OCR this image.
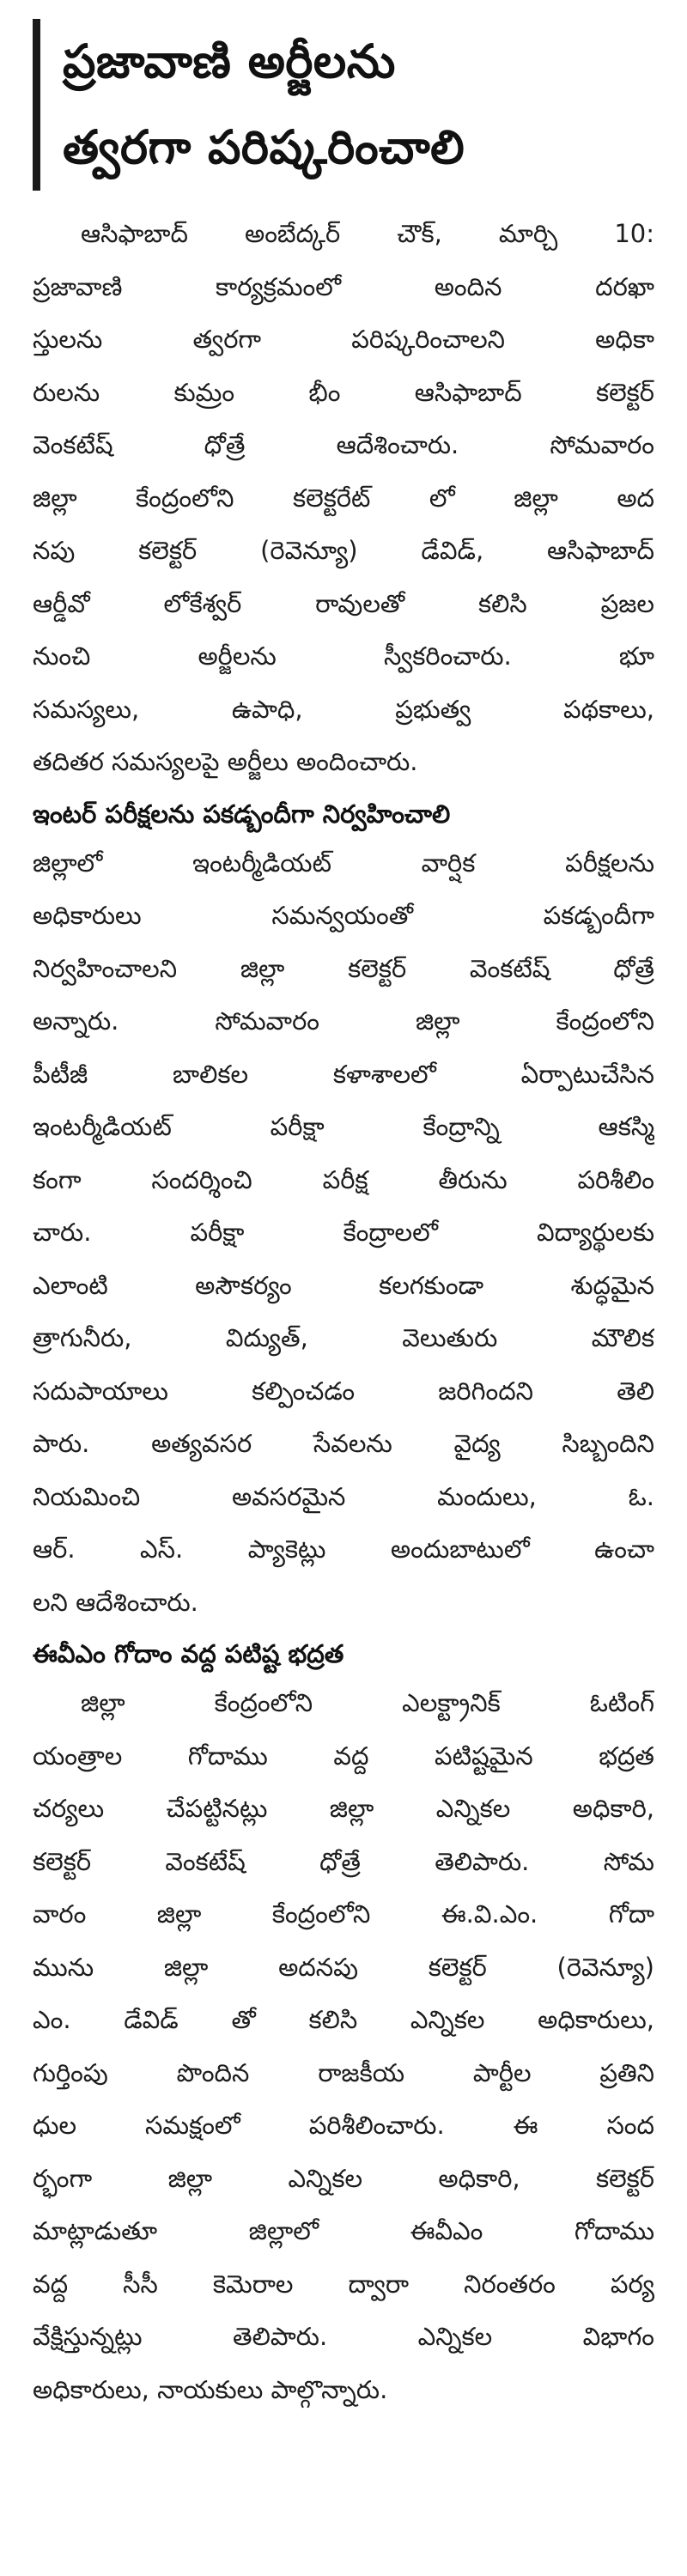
ప్రజావాణి అర్జీలను
త్వరగా పరిష్కరించాలి
ఆసిఫాబాద్ అంబేద్కర్ చౌక్, మార్చి 10:
ప్రజావాణి కార్యక్రమంలో అందిన దరఖా
స్తులను త్వరగా పరిష్కరించాలని అధికా
రులను కుమ్రం భీం ఆసిఫాబాద్ కలెక్టర్
వెంకటేష్ ధోత్రే ఆదేశించారు. సోమవారం
జిల్లా కేంద్రంలోని కలెక్టరేట్ లో జిల్లా అద
నపు కలెక్టర్ (రెవెన్యూ) డేవిడ్, ఆసిఫాబాద్
ఆర్డీవో లోకేశ్వర్ రావులతో కలిసి ప్రజల
నుంచి అర్జీలను స్వీకరించారు. భూ
సమస్యలు, ఉపాధి, ప్రభుత్వ పథకాలు,
తదితర సమస్యలపై అర్జీలు అందించారు.
ఇంటర్ పరీక్షలను పకడ్బందీగా నిర్వహించాలి
జిల్లాలో ఇంటర్మీడియట్ వార్షిక పరీక్షలను
అధికారులు సమన్వయంతో పకడ్బందీగా
నిర్వహించాలని జిల్లా కలెక్టర్ వెంకటేష్ ధోత్రే
అన్నారు. సోమవారం జిల్లా కేంద్రంలోని
పీటీజీ బాలికల కళాశాలలో ఏర్పాటుచేసిన
ఇంటర్మీడియట్ పరీక్షా కేంద్రాన్ని ఆకస్మి
కంగా సందర్శించి పరీక్ష తీరును పరిశీలిం
చారు. పరీక్షా కేంద్రాలలో విద్యార్థులకు
ఎలాంటి అసౌకర్యం కలగకుండా శుద్ధమైన
త్రాగునీరు, విద్యుత్, వెలుతురు మౌలిక
సదుపాయాలు కల్పించడం జరిగిందని తెలి
పారు. అత్యవసర సేవలను వైద్య సిబ్బందిని
నియమించి అవసరమైన మందులు, ఓ.
ఆర్. ఎస్. ప్యాకెట్లు అందుబాటులో ఉంచా
లని ఆదేశించారు.
ఈవీఎం గోదాం వద్ద పటిష్ట భద్రత
జిల్లా కేంద్రంలోని ఎలక్ట్రానిక్ ఓటింగ్
యంత్రాల గోదాము వద్ద పటిష్టమైన భద్రత
చర్యలు చేపట్టినట్లు జిల్లా ఎన్నికల అధికారి,
కలెక్టర్ వెంకటేష్ ధోత్రే తెలిపారు. సోమ
వారం జిల్లా కేంద్రంలోని ఈ.వి.ఎం. గోదా
మును జిల్లా అదనపు కలెక్టర్ (రెవెన్యూ)
ఎం. డేవిడ్ తో కలిసి ఎన్నికల అధికారులు,
గుర్తింపు పొందిన రాజకీయ పార్టీల ప్రతిని
ధుల సమక్షంలో పరిశీలించారు. ఈ సంద
ర్భంగా జిల్లా ఎన్నికల అధికారి, కలెక్టర్
మాట్లాడుతూ జిల్లాలో ఈవీఎం గోదాము
వద్ద సీసీ కెమెరాల ద్వారా నిరంతరం పర్య
వేక్షిస్తున్నట్లు తెలిపారు. ఎన్నికల విభాగం
అధికారులు, నాయకులు పాల్గొన్నారు.
